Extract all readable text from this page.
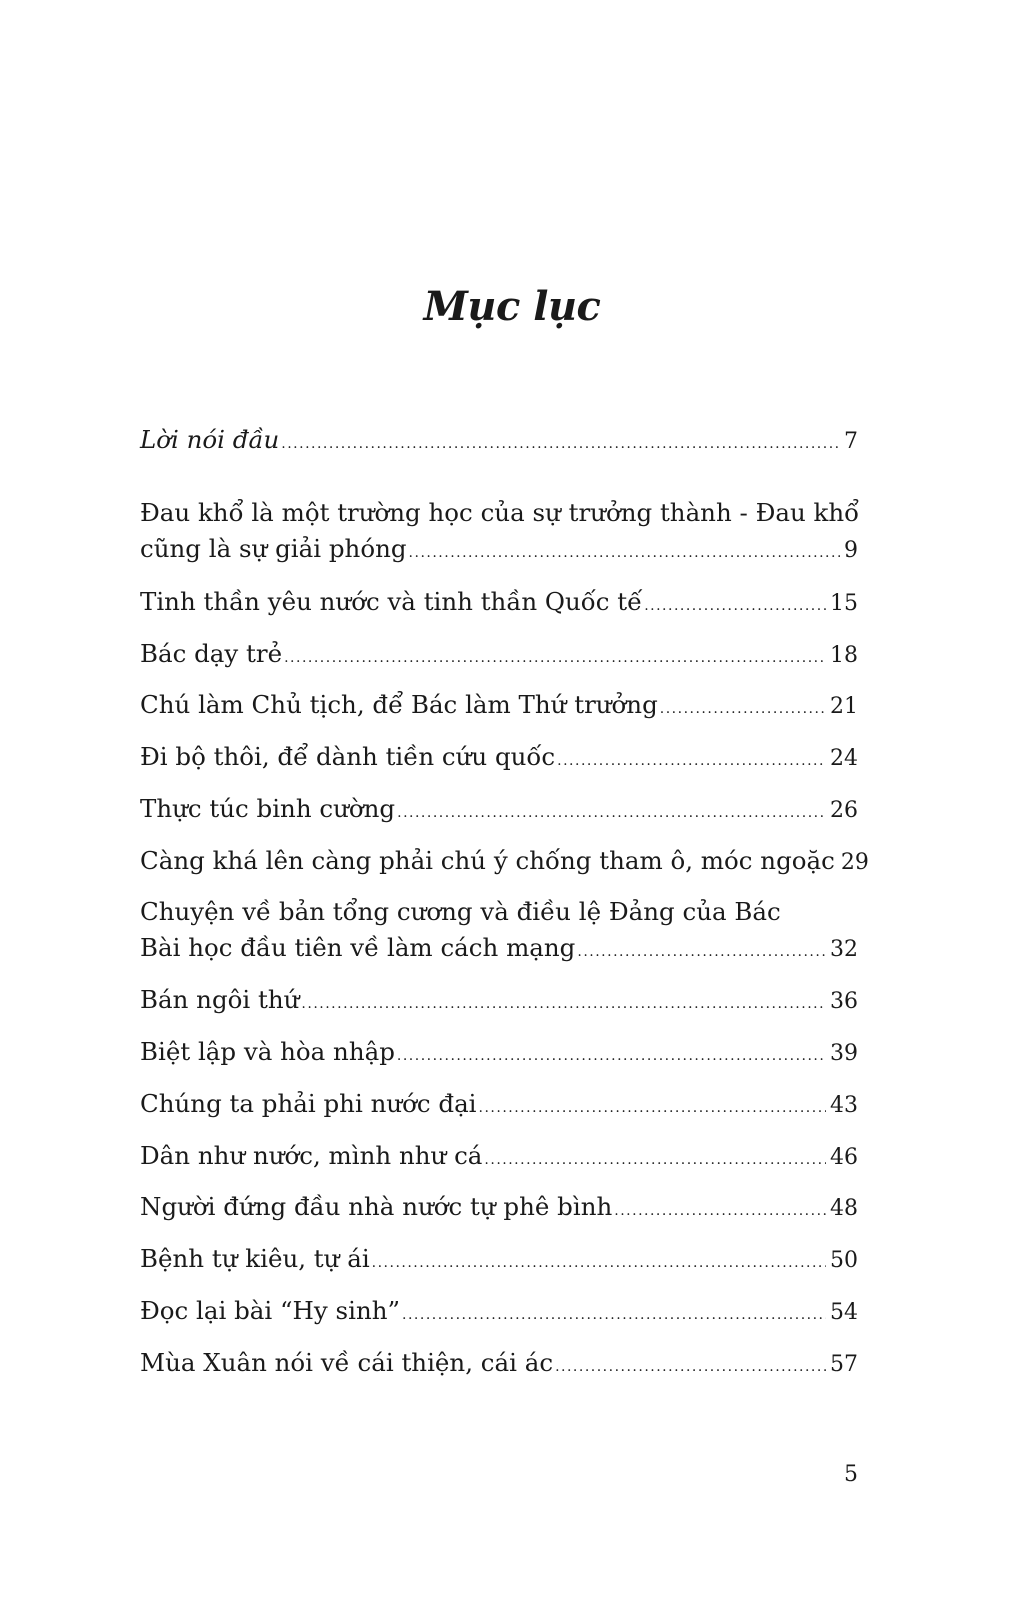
Mục lục
Lời nói đầu .....	7
Đau khổ là một trường học của sự trưởng thành - Đau khổ
cũng là sự giải phóng .....	9
Tinh thần yêu nước và tinh thần Quốc tế .....	15
Bác dạy trẻ .....	18
Chú làm Chủ tịch, để Bác làm Thứ trưởng .....	21
Đi bộ thôi, để dành tiền cứu quốc .....	24
Thực túc binh cường .....	26
Càng khá lên càng phải chú ý chống tham ô, móc ngoặc 29
Chuyện về bản tổng cương và điều lệ Đảng của Bác
Bài học đầu tiên về làm cách mạng .....	32
Bán ngôi thứ .....	36
Biệt lập và hòa nhập .....	39
Chúng ta phải phi nước đại .....	43
Dân như nước, mình như cá .....	46
Người đứng đầu nhà nước tự phê bình .....	48
Bệnh tự kiêu, tự ái .....	50
Đọc lại bài “Hy sinh” .....	54
Mùa Xuân nói về cái thiện, cái ác .....	57
5
